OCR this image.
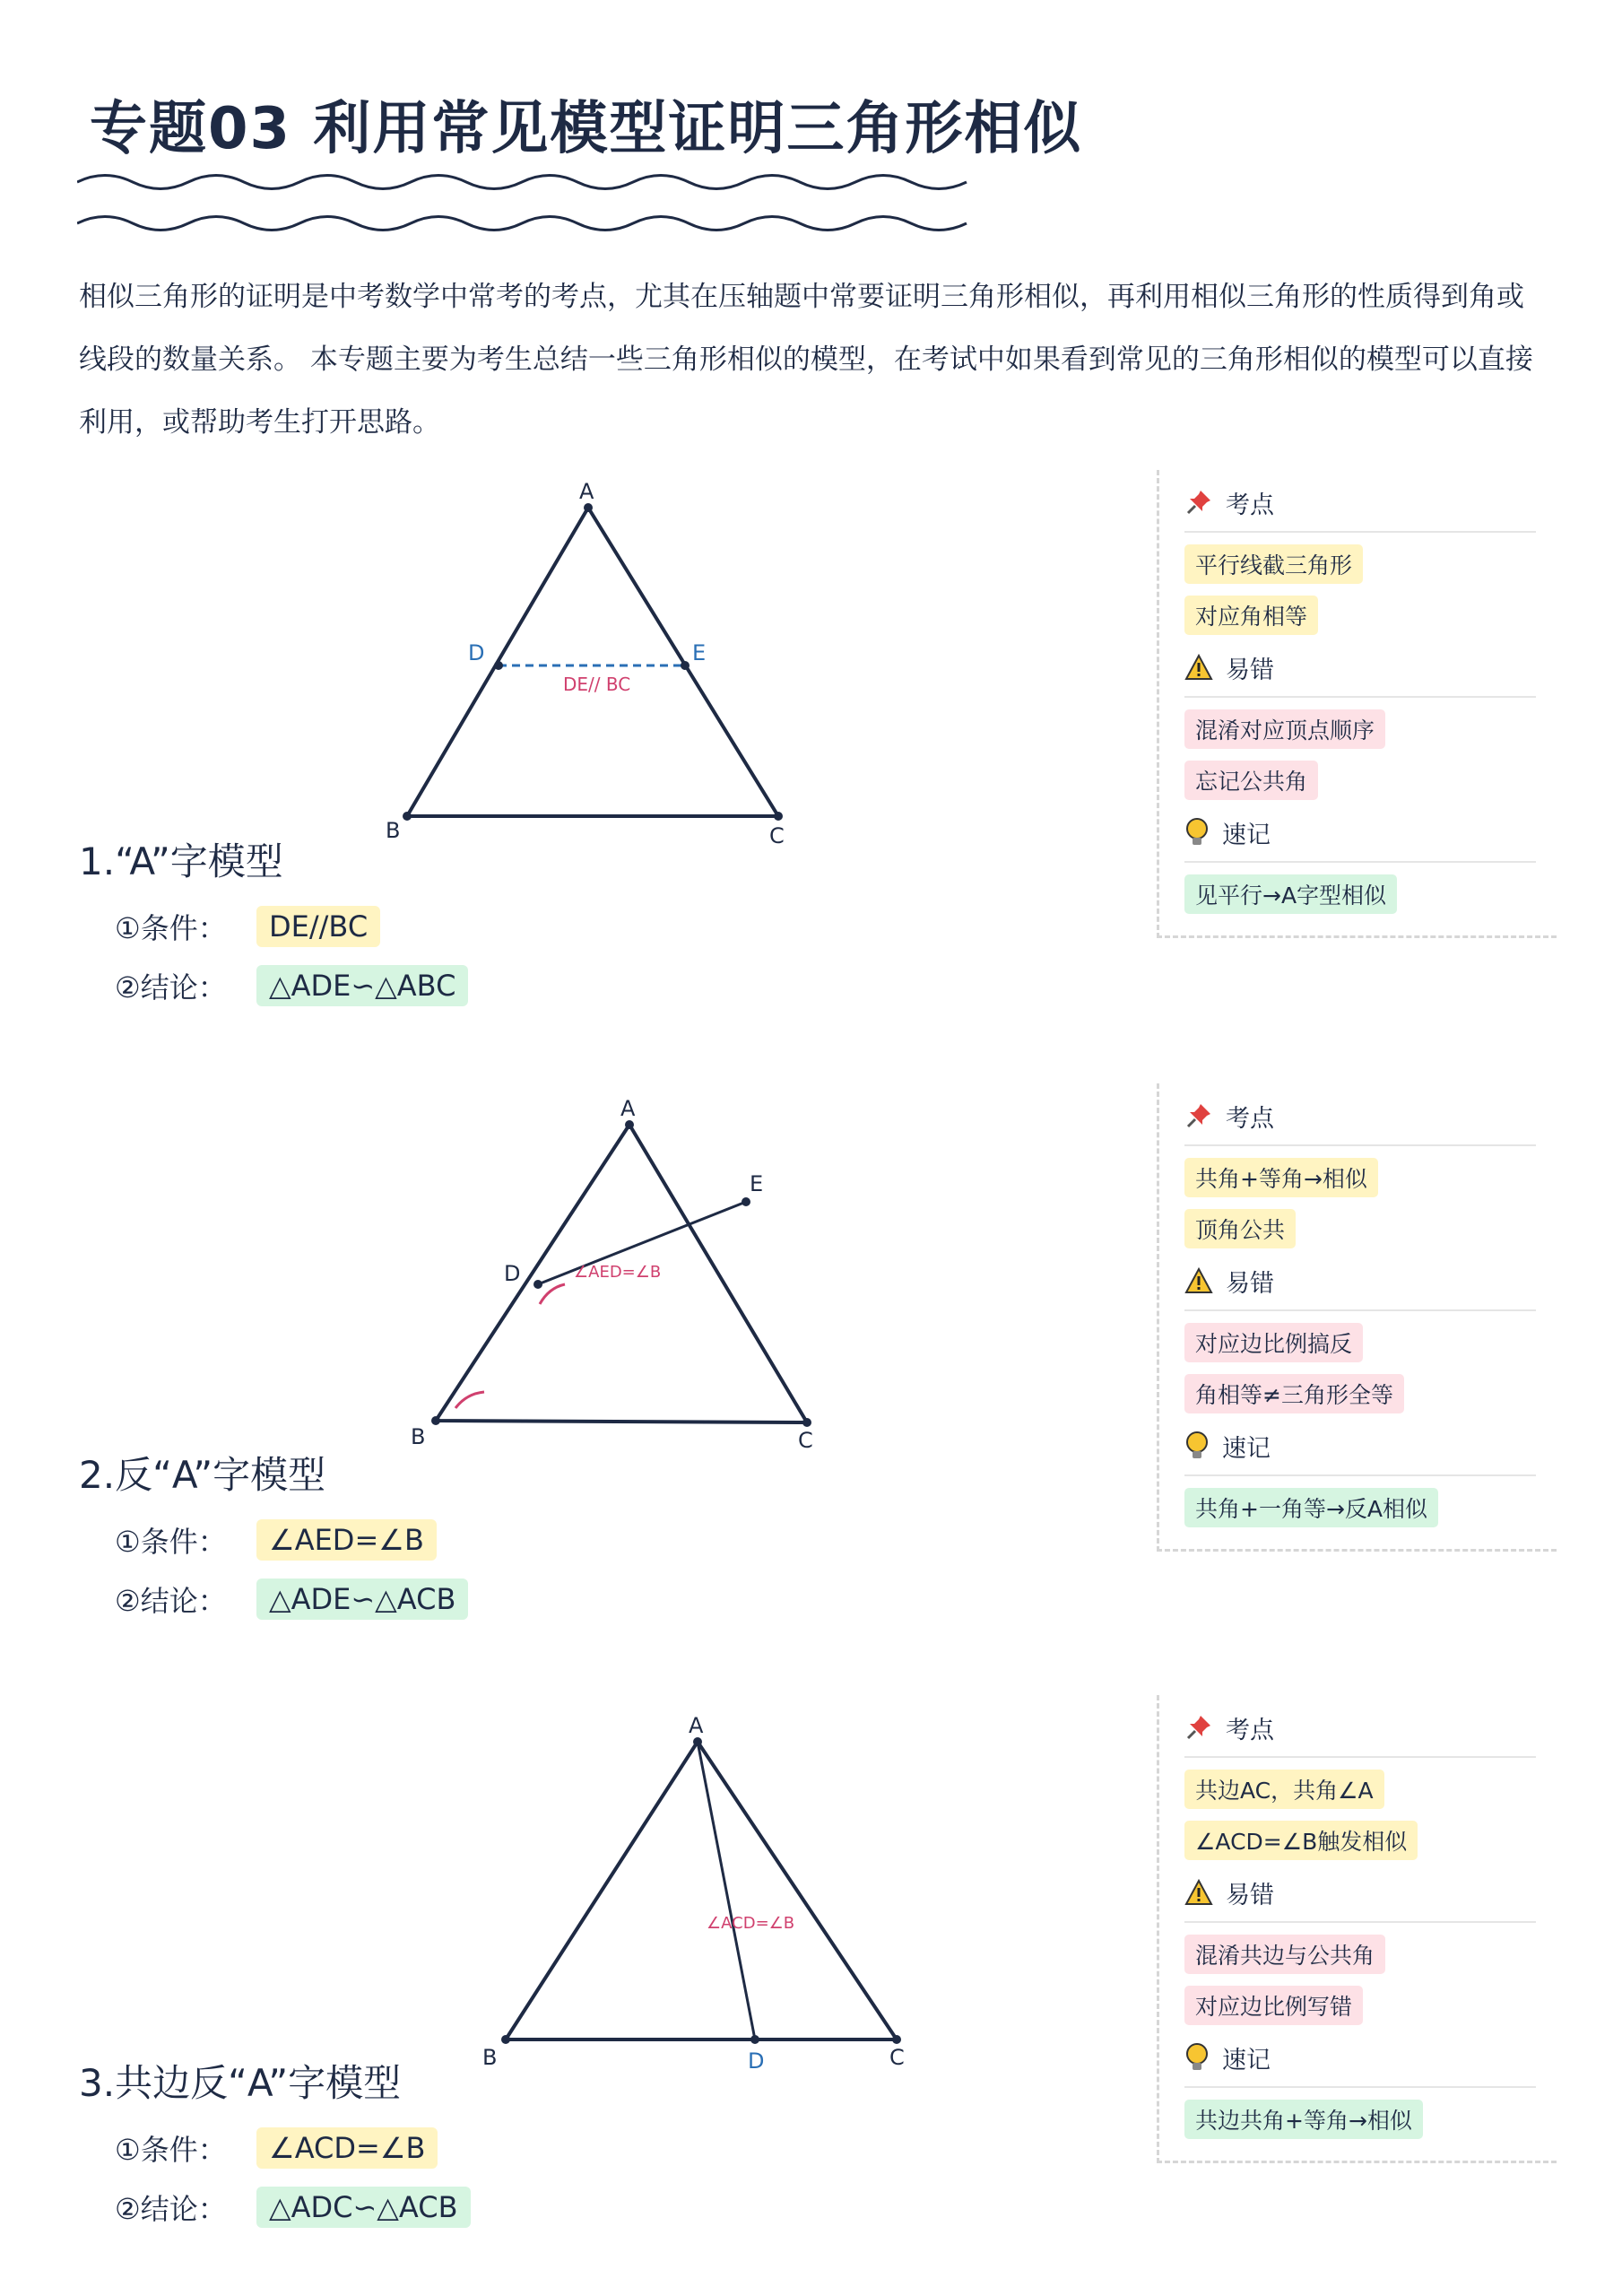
专题03 利用常见模型证明三角形相似
相似三角形的证明是中考数学中常考的考点，尤其在压轴题中常要证明三角形相似，再利用相似三角形的性质得到角或线段的数量关系。 本专题主要为考生总结一些三角形相似的模型，在考试中如果看到常见的三角形相似的模型可以直接利用，或帮助考生打开思路。
A
B	C
D	E
DE// BC
1.“A”字模型
①条件：	DE//BC
②结论：	△ADE∽△ABC
考点
平行线截三角形
对应角相等
易错
混淆对应顶点顺序
忘记公共角
速记
见平行→A字型相似
A
B	C
D
E
∠AED=∠B
2.反“A”字模型
①条件：	∠AED=∠B
②结论：	△ADE∽△ACB
考点
共角+等角→相似
顶角公共
易错
对应边比例搞反
角相等≠三角形全等
速记
共角+一角等→反A相似
A
B	C
D
∠ACD=∠B
3.共边反“A”字模型
①条件：	∠ACD=∠B
②结论：	△ADC∽△ACB
考点
共边AC，共角∠A
∠ACD=∠B触发相似
易错
混淆共边与公共角
对应边比例写错
速记
共边共角+等角→相似
